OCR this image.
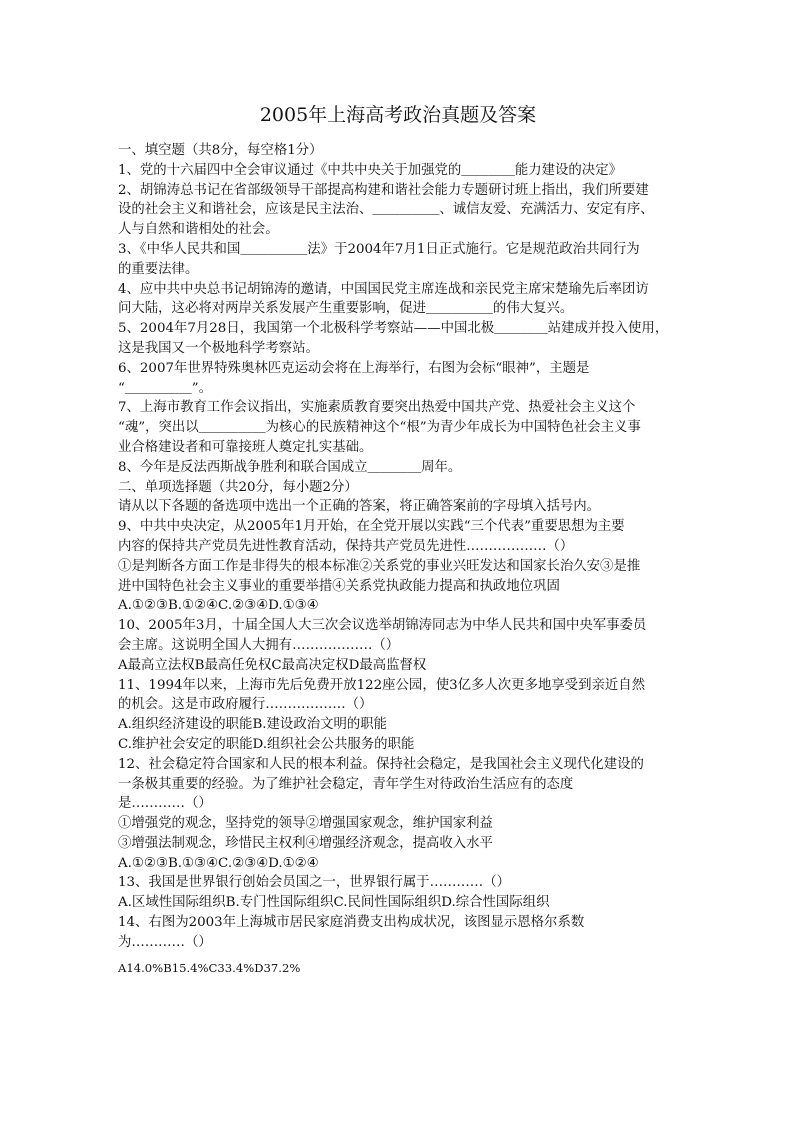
2005年上海高考政治真题及答案
一、填空题（共8分，每空格1分）
1、党的十六届四中全会审议通过《中共中央关于加强党的＿＿＿＿能力建设的决定》
2、胡锦涛总书记在省部级领导干部提高构建和谐社会能力专题研讨班上指出，我们所要建
设的社会主义和谐社会，应该是民主法治、＿＿＿＿＿、诚信友爱、充满活力、安定有序、
人与自然和谐相处的社会。
3、《中华人民共和国＿＿＿＿＿法》于2004年7月1日正式施行。它是规范政治共同行为
的重要法律。
4、应中共中央总书记胡锦涛的邀请，中国国民党主席连战和亲民党主席宋楚瑜先后率团访
问大陆，这必将对两岸关系发展产生重要影响，促进＿＿＿＿＿的伟大复兴。
5、2004年7月28日，我国第一个北极科学考察站——中国北极＿＿＿＿站建成并投入使用，
这是我国又一个极地科学考察站。
6、2007年世界特殊奥林匹克运动会将在上海举行，右图为会标“眼神”，主题是
“＿＿＿＿＿”。
7、上海市教育工作会议指出，实施素质教育要突出热爱中国共产党、热爱社会主义这个
“魂”，突出以＿＿＿＿＿为核心的民族精神这个“根”为青少年成长为中国特色社会主义事
业合格建设者和可靠接班人奠定扎实基础。
8、今年是反法西斯战争胜利和联合国成立＿＿＿＿周年。
二、单项选择题（共20分，每小题2分）
请从以下各题的备选项中选出一个正确的答案，将正确答案前的字母填入括号内。
9、中共中央决定，从2005年1月开始，在全党开展以实践“三个代表”重要思想为主要
内容的保持共产党员先进性教育活动，保持共产党员先进性………………（）
①是判断各方面工作是非得失的根本标准②关系党的事业兴旺发达和国家长治久安③是推
进中国特色社会主义事业的重要举措④关系党执政能力提高和执政地位巩固
A.①②③B.①②④C.②③④D.①③④
10、2005年3月，十届全国人大三次会议选举胡锦涛同志为中华人民共和国中央军事委员
会主席。这说明全国人大拥有………………（）
A最高立法权B最高任免权C最高决定权D最高监督权
11、1994年以来，上海市先后免费开放122座公园，使3亿多人次更多地享受到亲近自然
的机会。这是市政府履行………………（）
A.组织经济建设的职能B.建设政治文明的职能
C.维护社会安定的职能D.组织社会公共服务的职能
12、社会稳定符合国家和人民的根本利益。保持社会稳定，是我国社会主义现代化建设的
一条极其重要的经验。为了维护社会稳定，青年学生对待政治生活应有的态度
是…………（）
①增强党的观念，坚持党的领导②增强国家观念，维护国家利益
③增强法制观念，珍惜民主权利④增强经济观念，提高收入水平
A.①②③B.①③④C.②③④D.①②④
13、我国是世界银行创始会员国之一，世界银行属于…………（）
A.区域性国际组织B.专门性国际组织C.民间性国际组织D.综合性国际组织
14、右图为2003年上海城市居民家庭消费支出构成状况，该图显示恩格尔系数
为…………（）
A14.0%B15.4%C33.4%D37.2%
